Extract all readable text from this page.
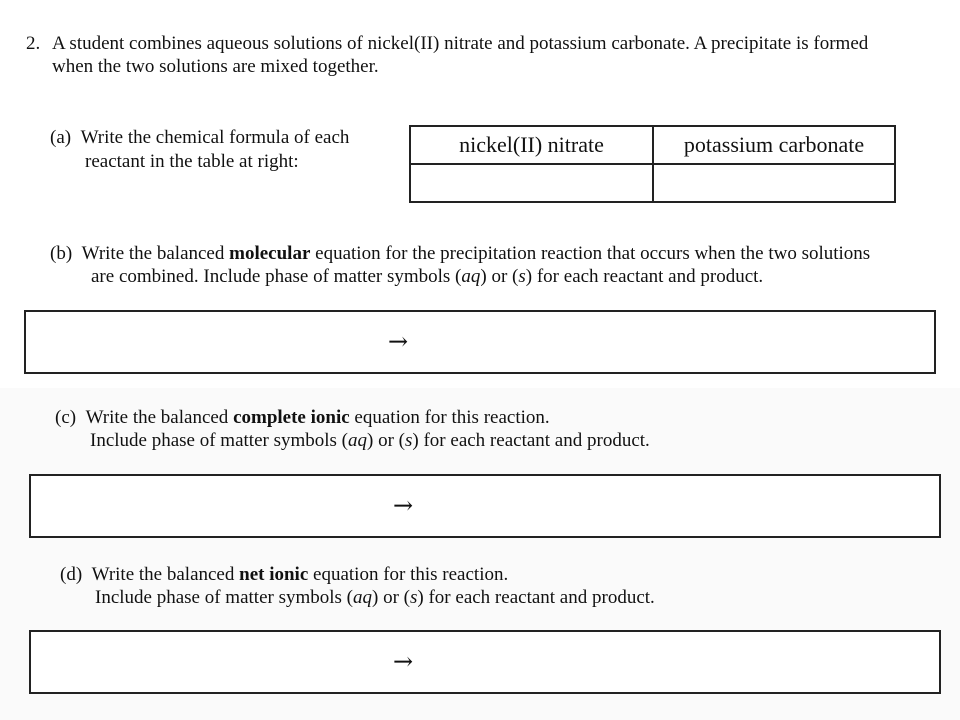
2. A student combines aqueous solutions of nickel(II) nitrate and potassium carbonate. A precipitate is formed
when the two solutions are mixed together.
(a) Write the chemical formula of each
reactant in the table at right:
nickel(II) nitrate	potassium carbonate

(b) Write the balanced molecular equation for the precipitation reaction that occurs when the two solutions
are combined. Include phase of matter symbols (aq) or (s) for each reactant and product.
→
(c) Write the balanced complete ionic equation for this reaction.
Include phase of matter symbols (aq) or (s) for each reactant and product.
→
(d) Write the balanced net ionic equation for this reaction.
Include phase of matter symbols (aq) or (s) for each reactant and product.
→
